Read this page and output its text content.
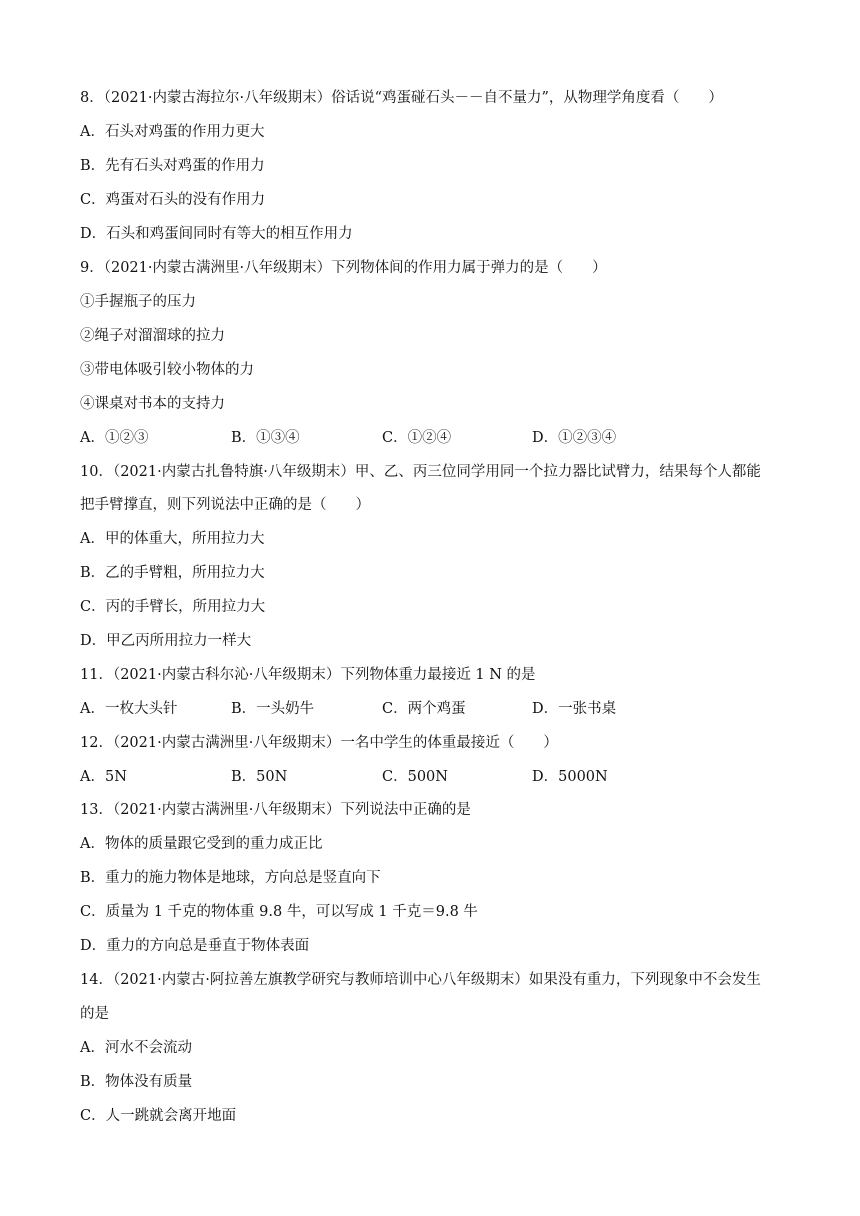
8．（2021·内蒙古海拉尔·八年级期末）俗话说“鸡蛋碰石头－－自不量力”，从物理学角度看（　　）
A．石头对鸡蛋的作用力更大
B．先有石头对鸡蛋的作用力
C．鸡蛋对石头的没有作用力
D．石头和鸡蛋间同时有等大的相互作用力
9．（2021·内蒙古满洲里·八年级期末）下列物体间的作用力属于弹力的是（　　）
①手握瓶子的压力
②绳子对溜溜球的拉力
③带电体吸引较小物体的力
④课桌对书本的支持力
A．①②③	B．①③④	C．①②④	D．①②③④
10．（2021·内蒙古扎鲁特旗·八年级期末）甲、乙、丙三位同学用同一个拉力器比试臂力，结果每个人都能
把手臂撑直，则下列说法中正确的是（　　）
A．甲的体重大，所用拉力大
B．乙的手臂粗，所用拉力大
C．丙的手臂长，所用拉力大
D．甲乙丙所用拉力一样大
11．（2021·内蒙古科尔沁·八年级期末）下列物体重力最接近 1 N 的是
A．一枚大头针	B．一头奶牛	C．两个鸡蛋	D．一张书桌
12．（2021·内蒙古满洲里·八年级期末）一名中学生的体重最接近（　　）
A．5N	B．50N	C．500N	D．5000N
13．（2021·内蒙古满洲里·八年级期末）下列说法中正确的是
A．物体的质量跟它受到的重力成正比
B．重力的施力物体是地球，方向总是竖直向下
C．质量为 1 千克的物体重 9.8 牛，可以写成 1 千克＝9.8 牛
D．重力的方向总是垂直于物体表面
14．（2021·内蒙古·阿拉善左旗教学研究与教师培训中心八年级期末）如果没有重力，下列现象中不会发生
的是
A．河水不会流动
B．物体没有质量
C．人一跳就会离开地面
